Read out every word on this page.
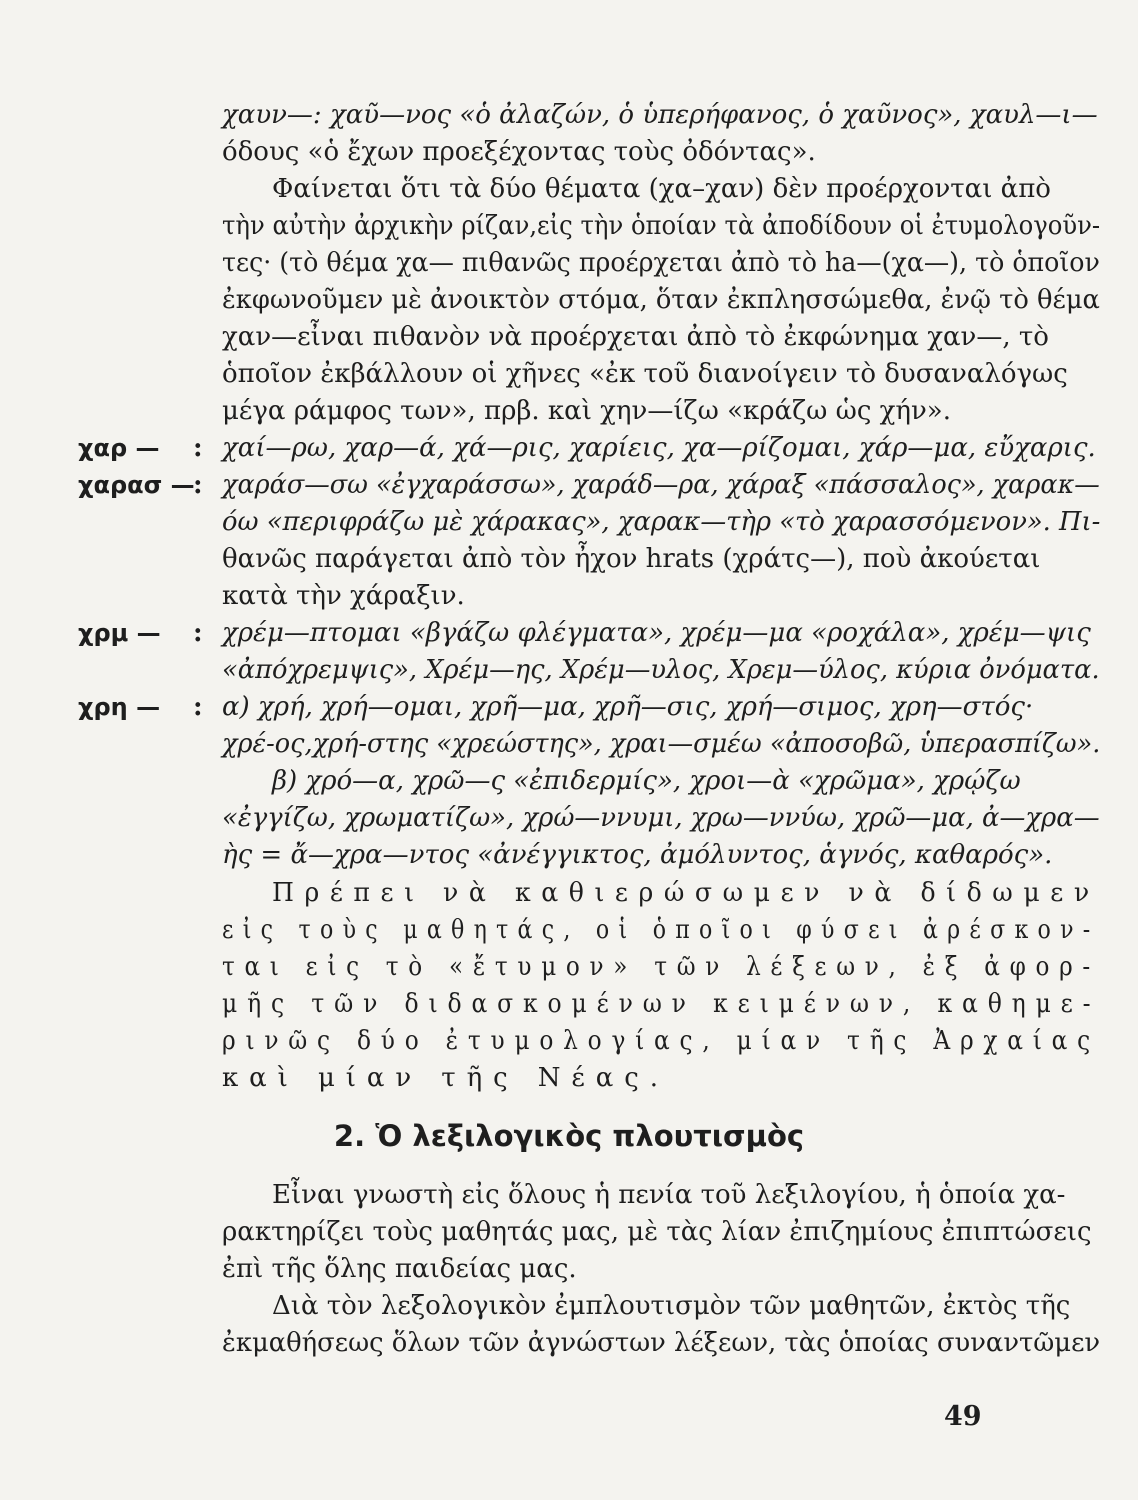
χαυν—: χαῦ—νος «ὁ ἀλαζών, ὁ ὑπερήφανος, ὁ χαῦνος», χαυλ—ι—
όδους «ὁ ἔχων προεξέχοντας τοὺς ὀδόντας».
Φαίνεται ὅτι τὰ δύο θέματα (χα–χαν) δὲν προέρχονται ἀπὸ
τὴν αὐτὴν ἀρχικὴν ρίζαν,εἰς τὴν ὁποίαν τὰ ἀποδίδουν οἱ ἐτυμολογοῦν-
τες· (τὸ θέμα χα— πιθανῶς προέρχεται ἀπὸ τὸ ha—(χα—), τὸ ὁποῖον
ἐκφωνοῦμεν μὲ ἀνοικτὸν στόμα, ὅταν ἐκπλησσώμεθα, ἐνῷ τὸ θέμα
χαν—εἶναι πιθανὸν νὰ προέρχεται ἀπὸ τὸ ἐκφώνημα χαν—, τὸ
ὁποῖον ἐκβάλλουν οἱ χῆνες «ἐκ τοῦ διανοίγειν τὸ δυσαναλόγως
μέγα ράμφος των», πρβ. καὶ χην—ίζω «κράζω ὡς χήν».
χαρ — : χαί—ρω, χαρ—ά, χά—ρις, χαρίεις, χα—ρίζομαι, χάρ—μα, εὔχαρις.
χαρασ —
: χαράσ—σω «ἐγχαράσσω», χαράδ—ρα, χάραξ «πάσσαλος», χαρακ—
όω «περιφράζω μὲ χάρακας», χαρακ—τὴρ «τὸ χαρασσόμενον». Πι-
θανῶς παράγεται ἀπὸ τὸν ἦχον hrats (χράτς—), ποὺ ἀκούεται
κατὰ τὴν χάραξιν.
χρμ — : χρέμ—πτομαι «βγάζω φλέγματα», χρέμ—μα «ροχάλα», χρέμ—ψις
«ἀπόχρεμψις», Χρέμ—ης, Χρέμ—υλος, Χρεμ—ύλος, κύρια ὀνόματα.
χρη — : α) χρή, χρή—ομαι, χρῆ—μα, χρῆ—σις, χρή—σιμος, χρη—στός·
χρέ-ος,χρή-στης «χρεώστης», χραι—σμέω «ἀποσοβῶ, ὑπερασπίζω».
β) χρό—α, χρῶ—ς «ἐπιδερμίς», χροι—ὰ «χρῶμα», χρῴζω
«ἐγγίζω, χρωματίζω», χρώ—ννυμι, χρω—ννύω, χρῶ—μα, ἀ—χρα—
ὴς = ἄ—χρα—ντος «ἀνέγγικτος, ἀμόλυντος, ἁγνός, καθαρός».
Πρέπει νὰ καθιερώσωμεν νὰ δίδωμεν
εἰς τοὺς μαθητάς, οἱ ὁποῖοι φύσει ἀρέσκον-
ται εἰς τὸ «ἔτυμον» τῶν λέξεων, ἐξ ἀφορ-
μῆς τῶν διδασκομένων κειμένων, καθημε-
ρινῶς δύο ἐτυμολογίας, μίαν τῆς Ἀρχαίας
καὶ μίαν τῆς Νέας.
2. Ὁ λεξιλογικὸς πλουτισμὸς
Εἶναι γνωστὴ εἰς ὅλους ἡ πενία τοῦ λεξιλογίου, ἡ ὁποία χα-
ρακτηρίζει τοὺς μαθητάς μας, μὲ τὰς λίαν ἐπιζημίους ἐπιπτώσεις
ἐπὶ τῆς ὅλης παιδείας μας.
Διὰ τὸν λεξολογικὸν ἐμπλουτισμὸν τῶν μαθητῶν, ἐκτὸς τῆς
ἐκμαθήσεως ὅλων τῶν ἀγνώστων λέξεων, τὰς ὁποίας συναντῶμεν
49
